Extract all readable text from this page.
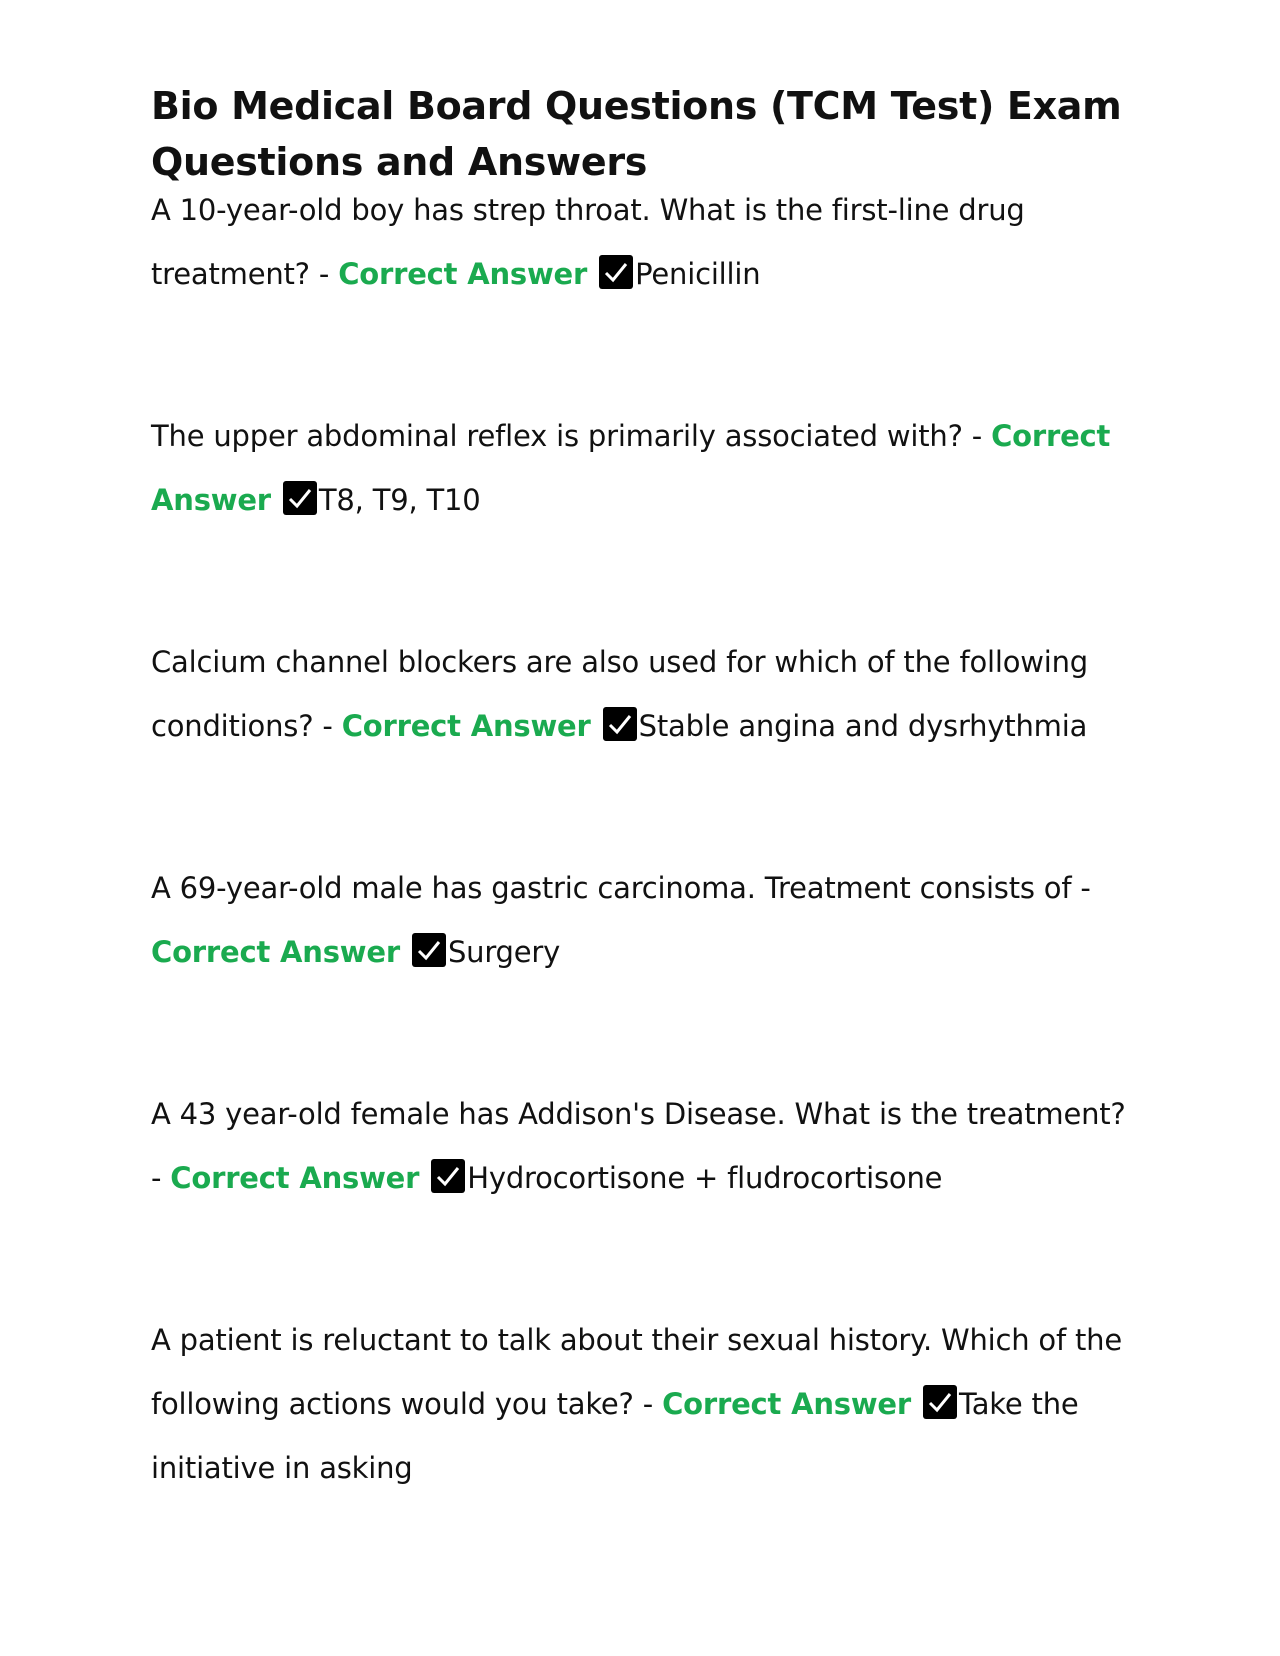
Bio Medical Board Questions (TCM Test) Exam Questions and Answers

A 10-year-old boy has strep throat. What is the first-line drug treatment? - Correct Answer Penicillin

The upper abdominal reflex is primarily associated with? - Correct Answer T8, T9, T10

Calcium channel blockers are also used for which of the following conditions? - Correct Answer Stable angina and dysrhythmia

A 69-year-old male has gastric carcinoma. Treatment consists of - Correct Answer Surgery

A 43 year-old female has Addison's Disease. What is the treatment? - Correct Answer Hydrocortisone + fludrocortisone

A patient is reluctant to talk about their sexual history. Which of the following actions would you take? - Correct Answer Take the initiative in asking
